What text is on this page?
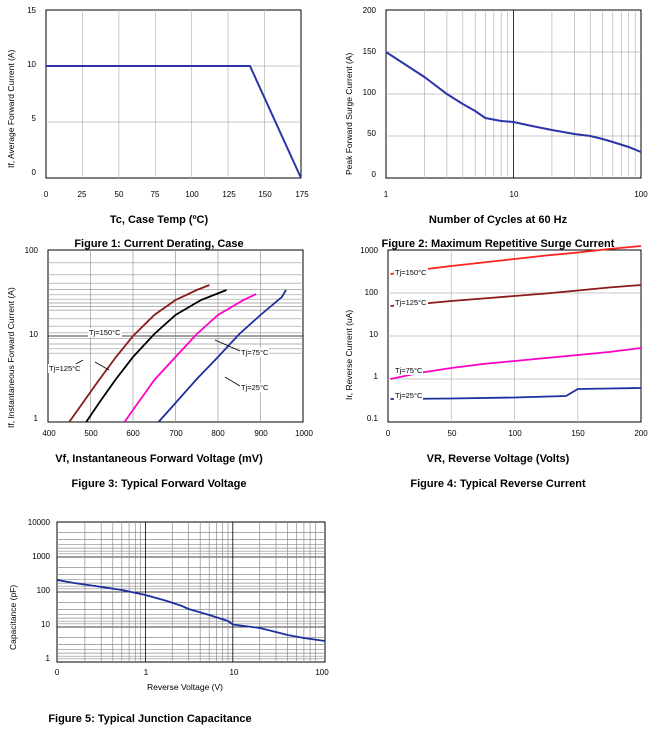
If, Average Forward Current (A)
15
10
5
0
0	25	50	75	100	125	150	175
Tc, Case Temp (ºC)
Figure 1: Current Derating, Case
Peak Forward Surge Current (A)
200
150
100
50
0
1	10	100
Number of Cycles at 60 Hz
Figure 2: Maximum Repetitive Surge Current
If, Instantaneous Forward Current (A)
100
10
1
Tj=150°C
Tj=125°C
Tj=75°C
Tj=25°C
400	500	600	700	800	900	1000
Vf, Instantaneous Forward Voltage (mV)
Figure 3: Typical Forward Voltage
Ir, Reverse Current (uA)
1000
100
10
1
0.1
Tj=150°C
Tj=125°C
Tj=75°C
Tj=25°C
0	50	100	150	200
VR, Reverse Voltage (Volts)
Figure 4: Typical Reverse Current
Capacitance (pF)
10000
1000
100
10
1
0	1	10	100
Reverse Voltage (V)
Figure 5: Typical Junction Capacitance
